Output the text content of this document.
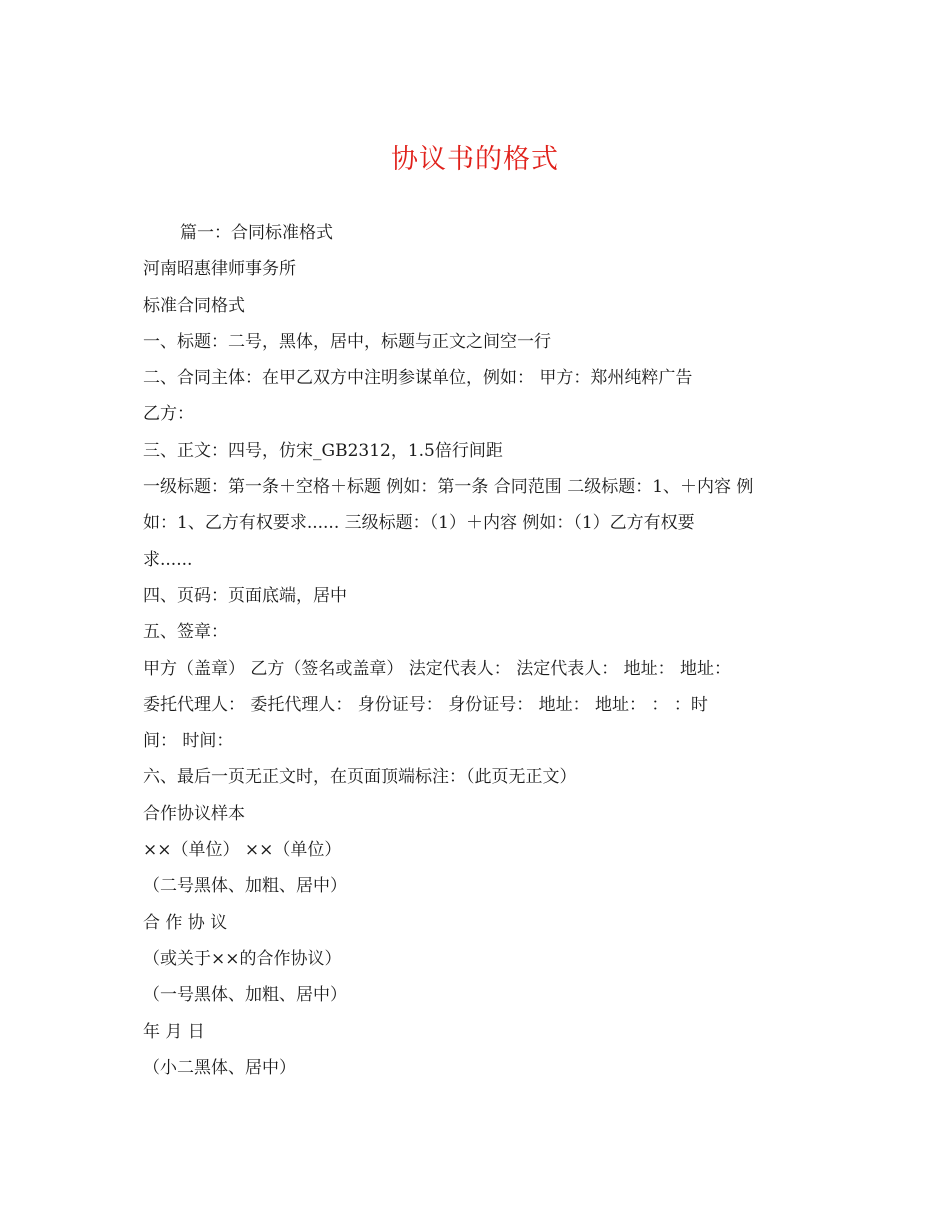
协议书的格式
篇一：合同标准格式
河南昭惠律师事务所
标准合同格式
一、标题：二号，黑体，居中，标题与正文之间空一行
二、合同主体：在甲乙双方中注明参谋单位，例如： 甲方：郑州纯粹广告
乙方：
三、正文：四号，仿宋_GB2312，1.5倍行间距
一级标题：第一条＋空格＋标题 例如：第一条 合同范围 二级标题：1、＋内容 例
如：1、乙方有权要求...... 三级标题：（1）＋内容 例如：（1）乙方有权要
求......
四、页码：页面底端，居中
五、签章：
甲方（盖章） 乙方（签名或盖章） 法定代表人： 法定代表人： 地址： 地址：
委托代理人： 委托代理人： 身份证号： 身份证号： 地址： 地址： ： ：时
间： 时间：
六、最后一页无正文时，在页面顶端标注：（此页无正文）
合作协议样本
××（单位） ××（单位）
（二号黑体、加粗、居中）
合 作 协 议
（或关于××的合作协议）
（一号黑体、加粗、居中）
年 月 日
（小二黑体、居中）
